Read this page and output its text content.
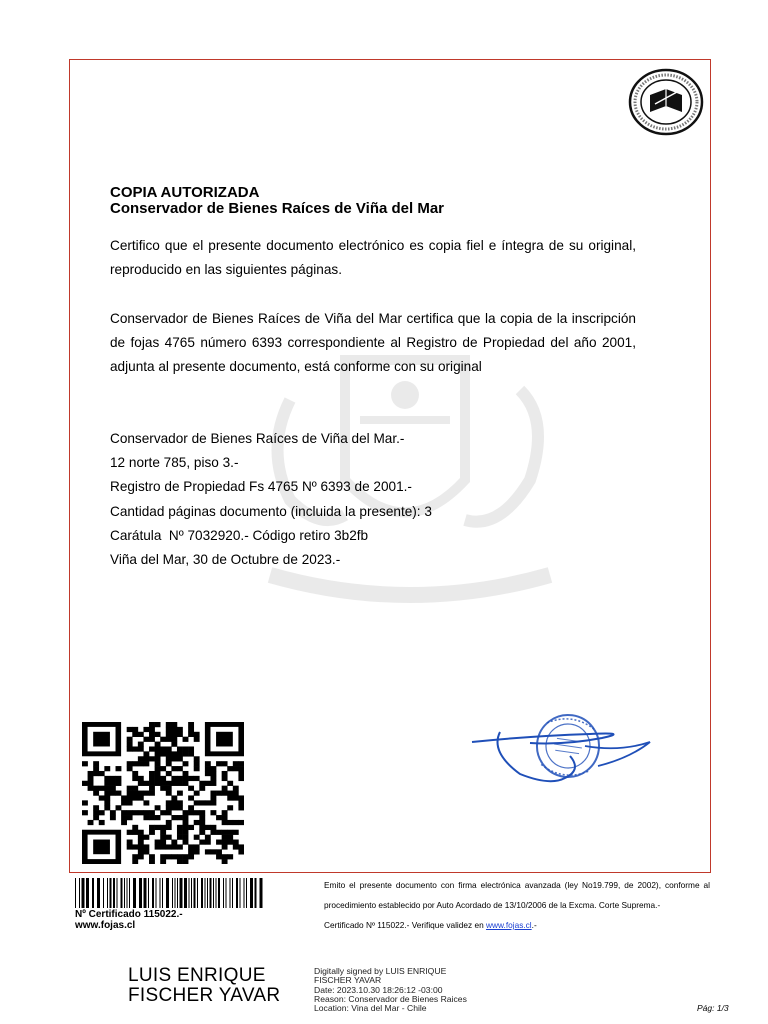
COPIA AUTORIZADA
Conservador de Bienes Raíces de Viña del Mar
Certifico que el presente documento electrónico es copia fiel e íntegra de su original, reproducido en las siguientes páginas.
Conservador de Bienes Raíces de Viña del Mar certifica que la copia de la inscripción de fojas 4765 número 6393 correspondiente al Registro de Propiedad del año 2001, adjunta al presente documento, está conforme con su original
Conservador de Bienes Raíces de Viña del Mar.-
12 norte 785, piso 3.-
Registro de Propiedad Fs 4765 Nº 6393 de 2001.-
Cantidad páginas documento (incluida la presente): 3
Carátula  Nº 7032920.- Código retiro 3b2fb
Viña del Mar, 30 de Octubre de 2023.-
Nº Certificado 115022.-
www.fojas.cl
Emito el presente documento con firma electrónica avanzada (ley No19.799, de 2002), conforme al procedimiento establecido por Auto Acordado de 13/10/2006 de la Excma. Corte Suprema.-
Certificado Nº 115022.- Verifique validez en www.fojas.cl.-
LUIS ENRIQUE
FISCHER YAVAR
Digitally signed by LUIS ENRIQUE
FISCHER YAVAR
Date: 2023.10.30 18:26:12 -03:00
Reason: Conservador de Bienes Raices
Location: Vina del Mar - Chile	Pág: 1/3
